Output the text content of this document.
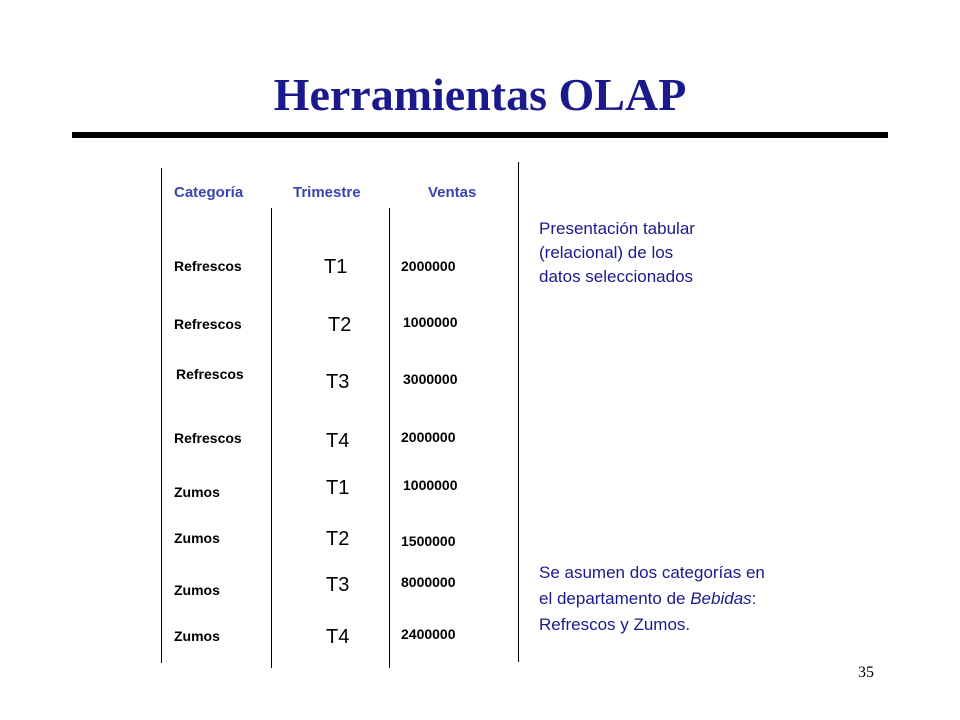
Herramientas OLAP
Categoría	Trimestre	Ventas
Refrescos	T1	2000000
Refrescos	T2	1000000
Refrescos	T3	3000000
Refrescos	T4	2000000
Zumos	T1	1000000
Zumos	T2	1500000
Zumos	T3	8000000
Zumos	T4	2400000
Presentación tabular
(relacional) de los
datos seleccionados
Se asumen dos categorías en
el departamento de Bebidas:
Refrescos y Zumos.
35
